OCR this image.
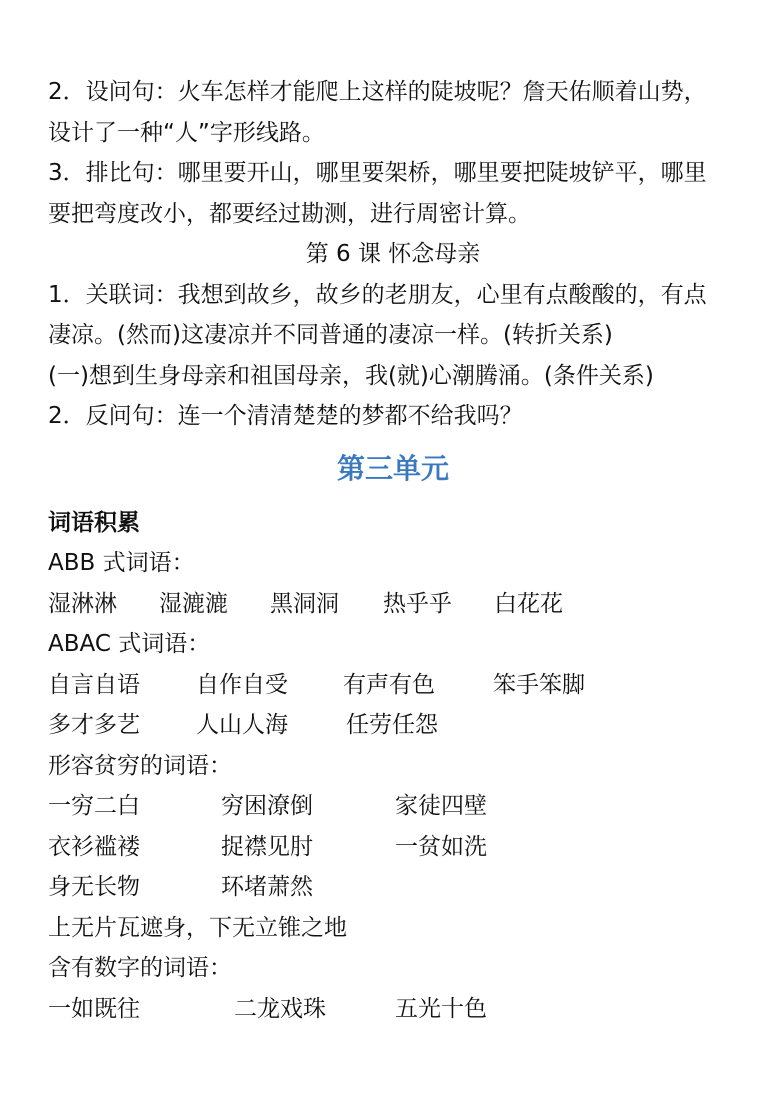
2．设问句：火车怎样才能爬上这样的陡坡呢？詹天佑顺着山势，
设计了一种“人”字形线路。
3．排比句：哪里要开山，哪里要架桥，哪里要把陡坡铲平，哪里
要把弯度改小，都要经过勘测，进行周密计算。
第 6 课 怀念母亲
1．关联词：我想到故乡，故乡的老朋友，心里有点酸酸的，有点
凄凉。(然而)这凄凉并不同普通的凄凉一样。(转折关系)
(一)想到生身母亲和祖国母亲，我(就)心潮腾涌。(条件关系)
2．反问句：连一个清清楚楚的梦都不给我吗？
第三单元
词语积累
ABB 式词语：
湿淋淋	湿漉漉	黑洞洞	热乎乎	白花花
ABAC 式词语：
自言自语	自作自受	有声有色	笨手笨脚
多才多艺	人山人海	任劳任怨
形容贫穷的词语：
一穷二白	穷困潦倒	家徒四壁
衣衫褴褛	捉襟见肘	一贫如洗
身无长物	环堵萧然
上无片瓦遮身，下无立锥之地
含有数字的词语：
一如既往	二龙戏珠	五光十色
